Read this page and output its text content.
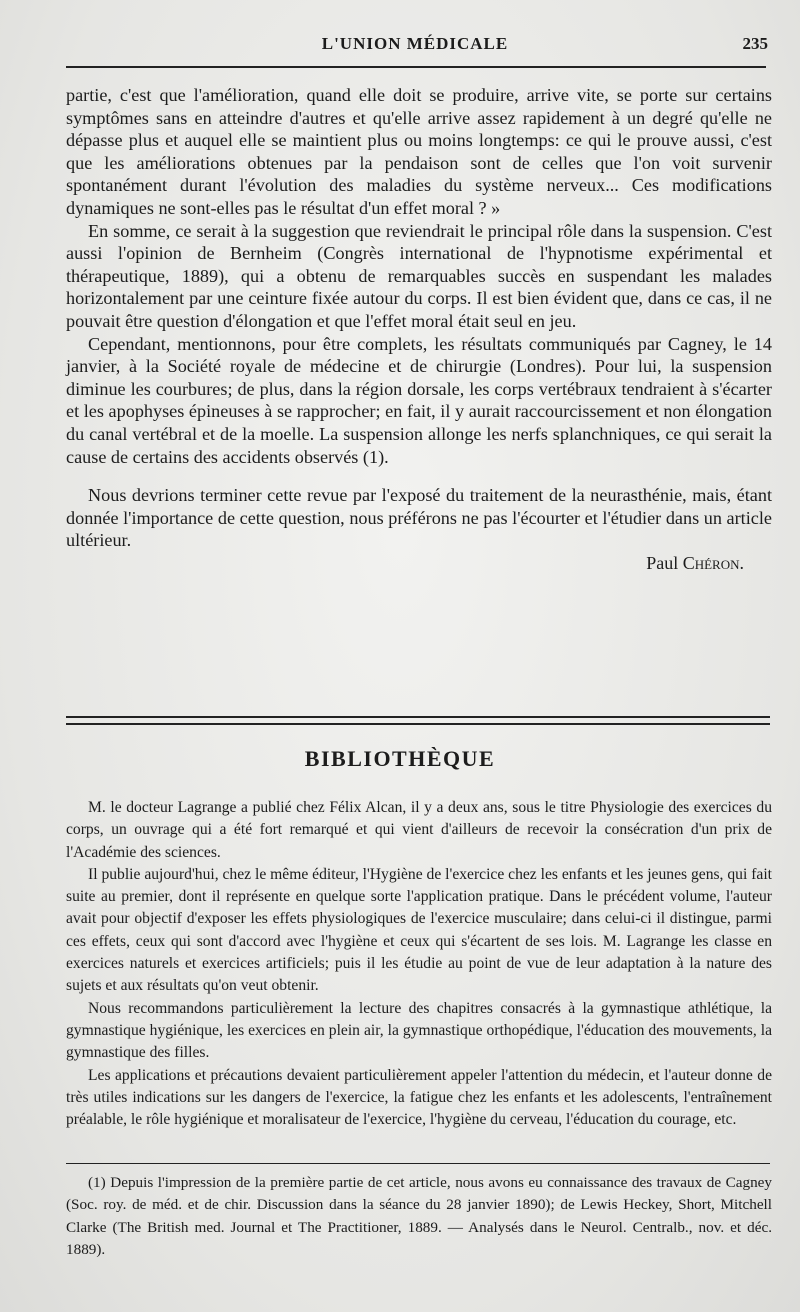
L'UNION MÉDICALE	235

partie, c'est que l'amélioration, quand elle doit se produire, arrive vite, se porte sur certains symptômes sans en atteindre d'autres et qu'elle arrive assez rapidement à un degré qu'elle ne dépasse plus et auquel elle se maintient plus ou moins longtemps: ce qui le prouve aussi, c'est que les améliorations obtenues par la pendaison sont de celles que l'on voit survenir spontanément durant l'évolution des maladies du système nerveux... Ces modifications dynamiques ne sont-elles pas le résultat d'un effet moral ? »

En somme, ce serait à la suggestion que reviendrait le principal rôle dans la suspension. C'est aussi l'opinion de Bernheim (Congrès international de l'hypnotisme expérimental et thérapeutique, 1889), qui a obtenu de remarquables succès en suspendant les malades horizontalement par une ceinture fixée autour du corps. Il est bien évident que, dans ce cas, il ne pouvait être question d'élongation et que l'effet moral était seul en jeu.

Cependant, mentionnons, pour être complets, les résultats communiqués par Cagney, le 14 janvier, à la Société royale de médecine et de chirurgie (Londres). Pour lui, la suspension diminue les courbures; de plus, dans la région dorsale, les corps vertébraux tendraient à s'écarter et les apophyses épineuses à se rapprocher; en fait, il y aurait raccourcissement et non élongation du canal vertébral et de la moelle. La suspension allonge les nerfs splanchniques, ce qui serait la cause de certains des accidents observés (1).

Nous devrions terminer cette revue par l'exposé du traitement de la neurasthénie, mais, étant donnée l'importance de cette question, nous préférons ne pas l'écourter et l'étudier dans un article ultérieur.

Paul Chéron.
BIBLIOTHÈQUE

M. le docteur Lagrange a publié chez Félix Alcan, il y a deux ans, sous le titre Physiologie des exercices du corps, un ouvrage qui a été fort remarqué et qui vient d'ailleurs de recevoir la consécration d'un prix de l'Académie des sciences.

Il publie aujourd'hui, chez le même éditeur, l'Hygiène de l'exercice chez les enfants et les jeunes gens, qui fait suite au premier, dont il représente en quelque sorte l'application pratique. Dans le précédent volume, l'auteur avait pour objectif d'exposer les effets physiologiques de l'exercice musculaire; dans celui-ci il distingue, parmi ces effets, ceux qui sont d'accord avec l'hygiène et ceux qui s'écartent de ses lois. M. Lagrange les classe en exercices naturels et exercices artificiels; puis il les étudie au point de vue de leur adaptation à la nature des sujets et aux résultats qu'on veut obtenir.

Nous recommandons particulièrement la lecture des chapitres consacrés à la gymnastique athlétique, la gymnastique hygiénique, les exercices en plein air, la gymnastique orthopédique, l'éducation des mouvements, la gymnastique des filles.

Les applications et précautions devaient particulièrement appeler l'attention du médecin, et l'auteur donne de très utiles indications sur les dangers de l'exercice, la fatigue chez les enfants et les adolescents, l'entraînement préalable, le rôle hygiénique et moralisateur de l'exercice, l'hygiène du cerveau, l'éducation du courage, etc.

(1) Depuis l'impression de la première partie de cet article, nous avons eu connaissance des travaux de Cagney (Soc. roy. de méd. et de chir. Discussion dans la séance du 28 janvier 1890); de Lewis Heckey, Short, Mitchell Clarke (The British med. Journal et The Practitioner, 1889. — Analysés dans le Neurol. Centralb., nov. et déc. 1889).
